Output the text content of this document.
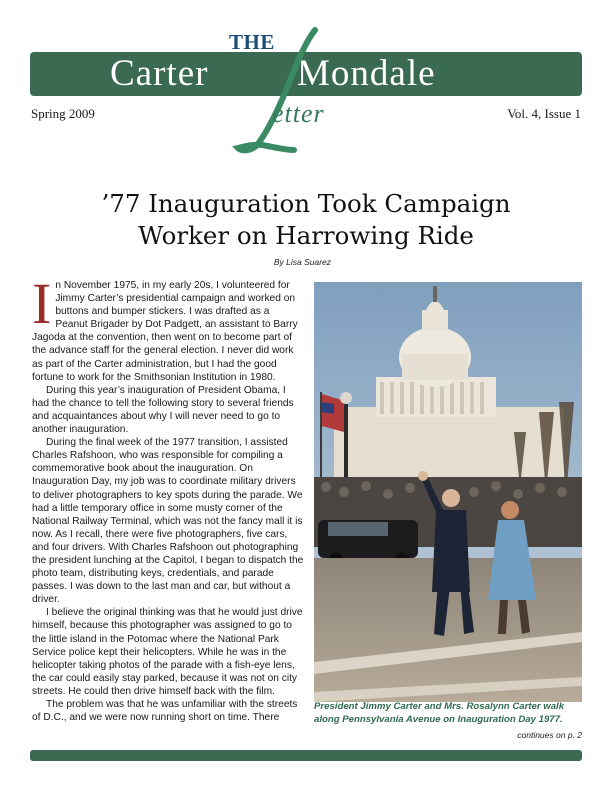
THE
Carter Mondale
etter
Spring 2009	Vol. 4, Issue 1
’77 Inauguration Took Campaign
Worker on Harrowing Ride
By Lisa Suarez

In November 1975, in my early 20s, I volunteered for Jimmy Carter’s presidential campaign and worked on buttons and bumper stickers. I was drafted as a Peanut Brigader by Dot Padgett, an assistant to Barry Jagoda at the convention, then went on to become part of the advance staff for the general election. I never did work as part of the Carter administration, but I had the good fortune to work for the Smithsonian Institution in 1980.

During this year’s inauguration of President Obama, I had the chance to tell the following story to several friends and acquaintances about why I will never need to go to another inauguration.

During the final week of the 1977 transition, I assisted Charles Rafshoon, who was responsible for compiling a commemorative book about the inauguration. On Inauguration Day, my job was to coordinate military drivers to deliver photographers to key spots during the parade. We had a little temporary office in some musty corner of the National Railway Terminal, which was not the fancy mall it is now. As I recall, there were five photographers, five cars, and four drivers. With Charles Rafshoon out photographing the president lunching at the Capitol, I began to dispatch the photo team, distributing keys, credentials, and parade passes. I was down to the last man and car, but without a driver.

I believe the original thinking was that he would just drive himself, because this photographer was assigned to go to the little island in the Potomac where the National Park Service police kept their helicopters. While he was in the helicopter taking photos of the parade with a fish-eye lens, the car could easily stay parked, because it was not on city streets. He could then drive himself back with the film.

The problem was that he was unfamiliar with the streets of D.C., and we were now running short on time. There

President Jimmy Carter and Mrs. Rosalynn Carter walk along Pennsylvania Avenue on Inauguration Day 1977.
continues on p. 2
